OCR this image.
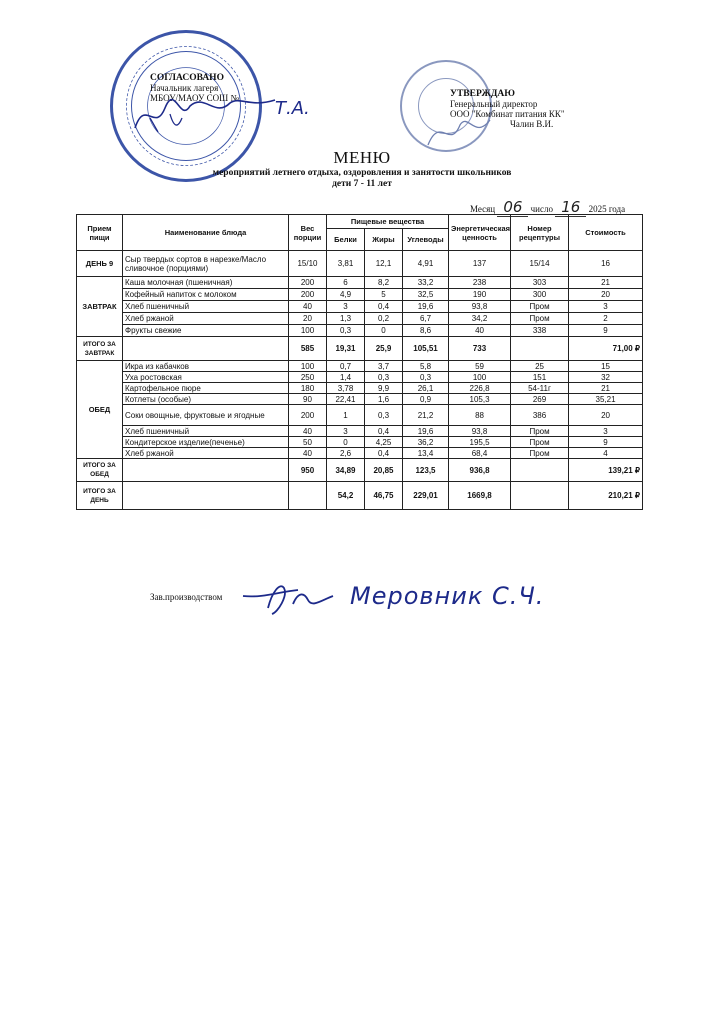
СОГЛАСОВАНО
Начальник лагеря
МБОУ/МАОУ СОШ № Т.А.
УТВЕРЖДАЮ
Генеральный директор
ООО "Комбинат питания КК"
Чалин В.И.
МЕНЮ
мероприятий летнего отдыха, оздоровления и занятости школьников
дети 7 - 11 лет
Месяц 06 число 16 2025 года
Прием пищи	Наименование блюда	Вес порции	Пищевые вещества			Энергетическая ценность	Номер рецептуры	Стоимость
			Белки	Жиры	Углеводы			
ДЕНЬ 9	Сыр твердых сортов в нарезке/Масло сливочное (порциями)	15/10	3,81	12,1	4,91	137	15/14	16
ЗАВТРАК	Каша молочная (пшеничная)	200	6	8,2	33,2	238	303	21
	Кофейный напиток с молоком	200	4,9	5	32,5	190	300	20
	Хлеб пшеничный	40	3	0,4	19,6	93,8	Пром	3
	Хлеб ржаной	20	1,3	0,2	6,7	34,2	Пром	2
	Фрукты свежие	100	0,3	0	8,6	40	338	9
ИТОГО ЗА ЗАВТРАК		585	19,31	25,9	105,51	733		71,00 ₽
ОБЕД	Икра из кабачков	100	0,7	3,7	5,8	59	25	15
	Уха ростовская	250	1,4	0,3	0,3	100	151	32
	Картофельное пюре	180	3,78	9,9	26,1	226,8	54-11г	21
	Котлеты (особые)	90	22,41	1,6	0,9	105,3	269	35,21
	Соки овощные, фруктовые и ягодные	200	1	0,3	21,2	88	386	20
	Хлеб пшеничный	40	3	0,4	19,6	93,8	Пром	3
	Кондитерское изделие(печенье)	50	0	4,25	36,2	195,5	Пром	9
	Хлеб ржаной	40	2,6	0,4	13,4	68,4	Пром	4
ИТОГО ЗА ОБЕД		950	34,89	20,85	123,5	936,8		139,21 ₽
ИТОГО ЗА ДЕНЬ			54,2	46,75	229,01	1669,8		210,21 ₽
Зав.производством	Меровник С.Ч.
